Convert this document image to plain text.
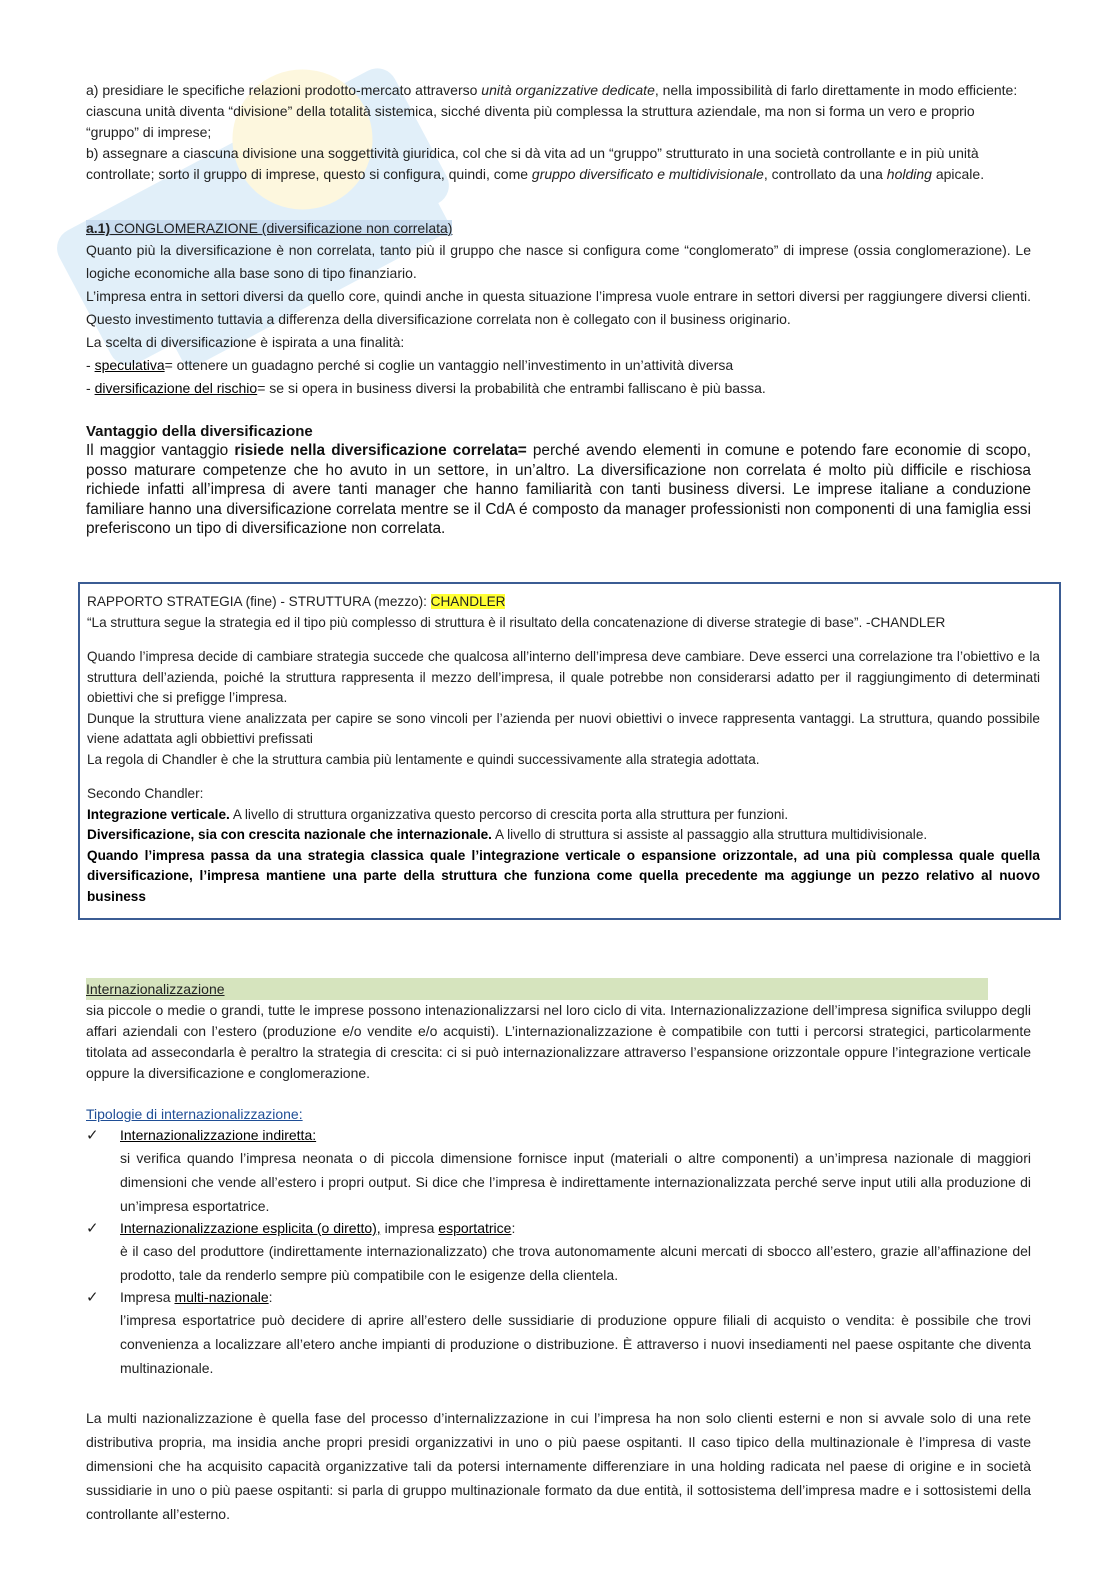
a) presidiare le specifiche relazioni prodotto-mercato attraverso unità organizzative dedicate, nella impossibilità di farlo direttamente in modo efficiente: ciascuna unità diventa “divisione” della totalità sistemica, sicché diventa più complessa la struttura aziendale, ma non si forma un vero e proprio “gruppo” di imprese;

b) assegnare a ciascuna divisione una soggettività giuridica, col che si dà vita ad un “gruppo” strutturato in una società controllante e in più unità controllate; sorto il gruppo di imprese, questo si configura, quindi, come gruppo diversificato e multidivisionale, controllato da una holding apicale.

a.1) CONGLOMERAZIONE (diversificazione non correlata)

Quanto più la diversificazione è non correlata, tanto più il gruppo che nasce si configura come “conglomerato” di imprese (ossia conglomerazione). Le logiche economiche alla base sono di tipo finanziario.

L’impresa entra in settori diversi da quello core, quindi anche in questa situazione l’impresa vuole entrare in settori diversi per raggiungere diversi clienti. Questo investimento tuttavia a differenza della diversificazione correlata non è collegato con il business originario.

La scelta di diversificazione è ispirata a una finalità:

- speculativa= ottenere un guadagno perché si coglie un vantaggio nell’investimento in un’attività diversa

- diversificazione del rischio= se si opera in business diversi la probabilità che entrambi falliscano è più bassa.

Vantaggio della diversificazione

Il maggior vantaggio risiede nella diversificazione correlata= perché avendo elementi in comune e potendo fare economie di scopo, posso maturare competenze che ho avuto in un settore, in un’altro. La diversificazione non correlata é molto più difficile e rischiosa richiede infatti all’impresa di avere tanti manager che hanno familiarità con tanti business diversi. Le imprese italiane a conduzione familiare hanno una diversificazione correlata mentre se il CdA é composto da manager professionisti non componenti di una famiglia essi preferiscono un tipo di diversificazione non correlata.

RAPPORTO STRATEGIA (fine) - STRUTTURA (mezzo): CHANDLER

“La struttura segue la strategia ed il tipo più complesso di struttura è il risultato della concatenazione di diverse strategie di base”. -CHANDLER

Quando l’impresa decide di cambiare strategia succede che qualcosa all’interno dell’impresa deve cambiare. Deve esserci una correlazione tra l’obiettivo e la struttura dell’azienda, poiché la struttura rappresenta il mezzo dell’impresa, il quale potrebbe non considerarsi adatto per il raggiungimento di determinati obiettivi che si prefigge l’impresa.

Dunque la struttura viene analizzata per capire se sono vincoli per l’azienda per nuovi obiettivi o invece rappresenta vantaggi. La struttura, quando possibile viene adattata agli obbiettivi prefissati

La regola di Chandler è che la struttura cambia più lentamente e quindi successivamente alla strategia adottata.

Secondo Chandler:

Integrazione verticale. A livello di struttura organizzativa questo percorso di crescita porta alla struttura per funzioni.

Diversificazione, sia con crescita nazionale che internazionale. A livello di struttura si assiste al passaggio alla struttura multidivisionale.

Quando l’impresa passa da una strategia classica quale l’integrazione verticale o espansione orizzontale, ad una più complessa quale quella diversificazione, l’impresa mantiene una parte della struttura che funziona come quella precedente ma aggiunge un pezzo relativo al nuovo business

Internazionalizzazione

sia piccole o medie o grandi, tutte le imprese possono intenazionalizzarsi nel loro ciclo di vita. Internazionalizzazione dell’impresa significa sviluppo degli affari aziendali con l’estero (produzione e/o vendite e/o acquisti). L’internazionalizzazione è compatibile con tutti i percorsi strategici, particolarmente titolata ad assecondarla è peraltro la strategia di crescita: ci si può internazionalizzare attraverso l’espansione orizzontale oppure l’integrazione verticale oppure la diversificazione e conglomerazione.

Tipologie di internazionalizzazione:

✓	Internazionalizzazione indiretta:

si verifica quando l’impresa neonata o di piccola dimensione fornisce input (materiali o altre componenti) a un’impresa nazionale di maggiori dimensioni che vende all’estero i propri output. Si dice che l’impresa è indirettamente internazionalizzata perché serve input utili alla produzione di un’impresa esportatrice.

✓	Internazionalizzazione esplicita (o diretto), impresa esportatrice:

è il caso del produttore (indirettamente internazionalizzato) che trova autonomamente alcuni mercati di sbocco all’estero, grazie all’affinazione del prodotto, tale da renderlo sempre più compatibile con le esigenze della clientela.

✓	Impresa multi-nazionale:

l’impresa esportatrice può decidere di aprire all’estero delle sussidiarie di produzione oppure filiali di acquisto o vendita: è possibile che trovi convenienza a localizzare all’etero anche impianti di produzione o distribuzione. È attraverso i nuovi insediamenti nel paese ospitante che diventa multinazionale.

La multi nazionalizzazione è quella fase del processo d’internalizzazione in cui l’impresa ha non solo clienti esterni e non si avvale solo di una rete distributiva propria, ma insidia anche propri presidi organizzativi in uno o più paese ospitanti. Il caso tipico della multinazionale è l’impresa di vaste dimensioni che ha acquisito capacità organizzative tali da potersi internamente differenziare in una holding radicata nel paese di origine e in società sussidiarie in uno o più paese ospitanti: si parla di gruppo multinazionale formato da due entità, il sottosistema dell’impresa madre e i sottosistemi della controllante all’esterno.
